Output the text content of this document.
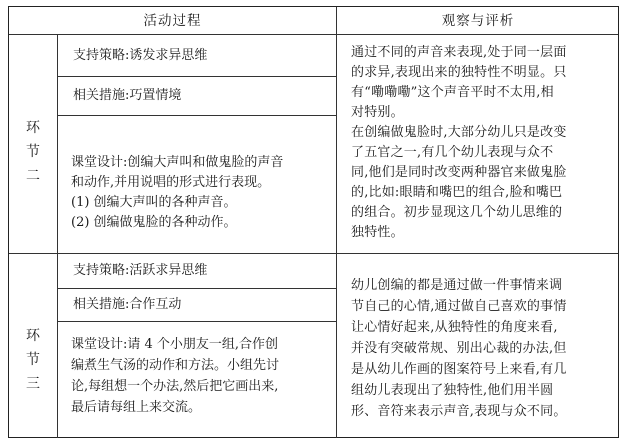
活动过程	观察与评析
环
节
二
支持策略:诱发求异思维
相关措施:巧置情境
课堂设计:创编大声叫和做鬼脸的声音
和动作,并用说唱的形式进行表现。
(1) 创编大声叫的各种声音。
(2) 创编做鬼脸的各种动作。
通过不同的声音来表现,处于同一层面
的求异,表现出来的独特性不明显。只
有“嘞嘞嘞”这个声音平时不太用,相
对特别。
在创编做鬼脸时,大部分幼儿只是改变
了五官之一,有几个幼儿表现与众不
同,他们是同时改变两种器官来做鬼脸
的,比如:眼睛和嘴巴的组合,脸和嘴巴
的组合。初步显现这几个幼儿思维的
独特性。
环
节
三
支持策略:活跃求异思维
相关措施:合作互动
课堂设计:请 4 个小朋友一组,合作创
编煮生气汤的动作和方法。小组先讨
论,每组想一个办法,然后把它画出来,
最后请每组上来交流。
幼儿创编的都是通过做一件事情来调
节自己的心情,通过做自己喜欢的事情
让心情好起来,从独特性的角度来看,
并没有突破常规、别出心裁的办法,但
是从幼儿作画的图案符号上来看,有几
组幼儿表现出了独特性,他们用半圆
形、音符来表示声音,表现与众不同。
